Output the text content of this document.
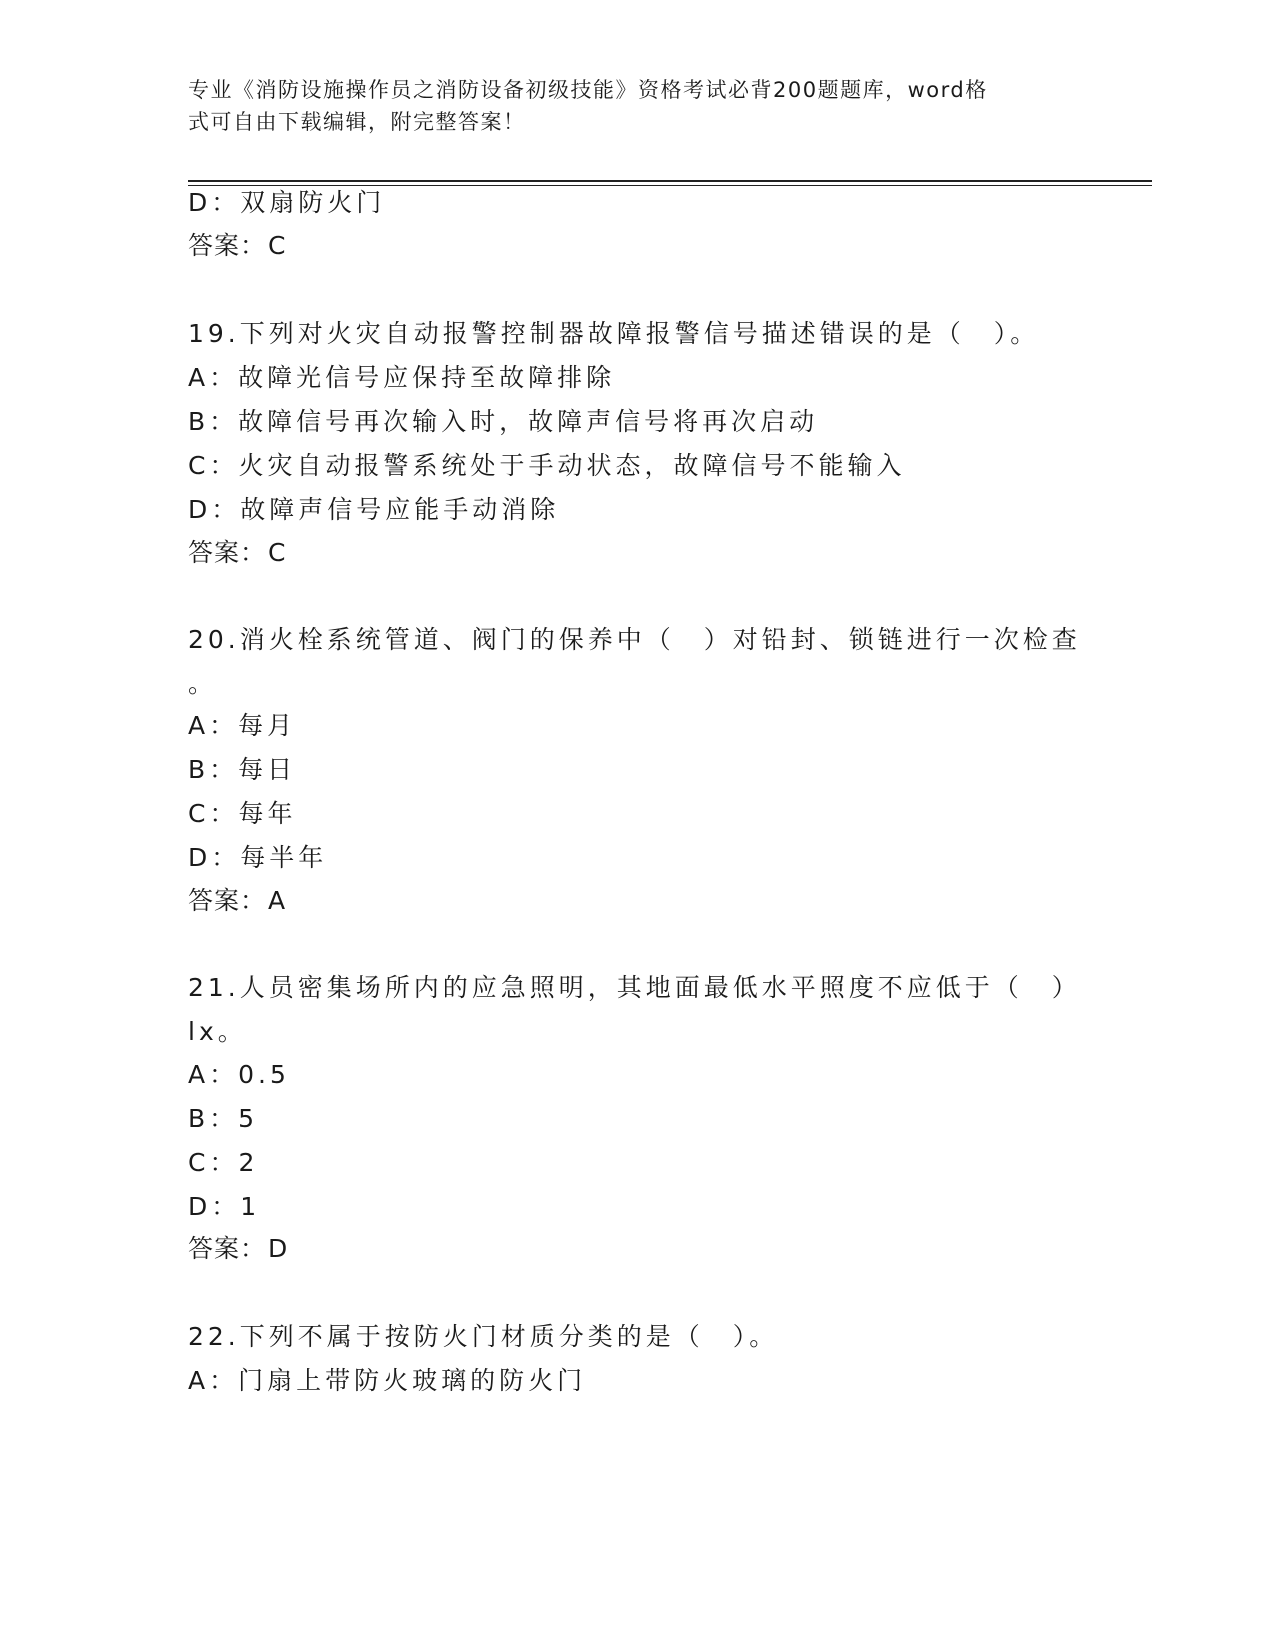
专业《消防设施操作员之消防设备初级技能》资格考试必背200题题库，word格
式可自由下载编辑，附完整答案！
D：双扇防火门
答案：C
19.下列对火灾自动报警控制器故障报警信号描述错误的是（　）。
A：故障光信号应保持至故障排除
B：故障信号再次输入时，故障声信号将再次启动
C：火灾自动报警系统处于手动状态，故障信号不能输入
D：故障声信号应能手动消除
答案：C
20.消火栓系统管道、阀门的保养中（　）对铅封、锁链进行一次检查
。
A：每月
B：每日
C：每年
D：每半年
答案：A
21.人员密集场所内的应急照明，其地面最低水平照度不应低于（　）
lx。
A：0.5
B：5
C：2
D：1
答案：D
22.下列不属于按防火门材质分类的是（　）。
A：门扇上带防火玻璃的防火门
